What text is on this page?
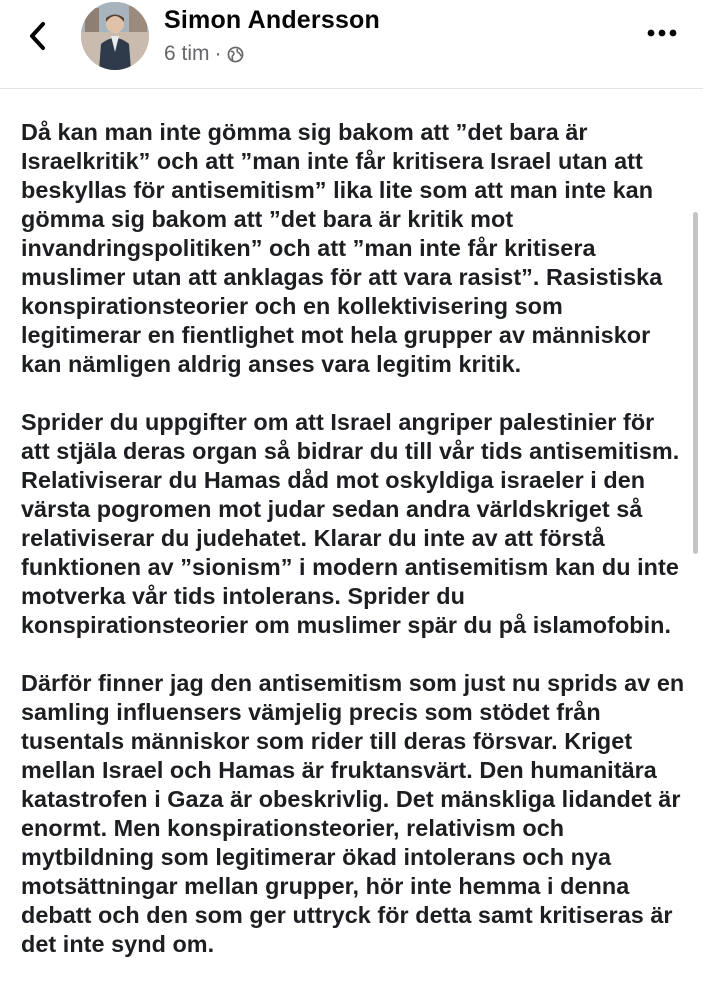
Simon Andersson
6 tim ·

Då kan man inte gömma sig bakom att ”det bara är Israelkritik” och att ”man inte får kritisera Israel utan att beskyllas för antisemitism” lika lite som att man inte kan gömma sig bakom att ”det bara är kritik mot invandringspolitiken” och att ”man inte får kritisera muslimer utan att anklagas för att vara rasist”. Rasistiska konspirationsteorier och en kollektivisering som legitimerar en fientlighet mot hela grupper av människor kan nämligen aldrig anses vara legitim kritik.

Sprider du uppgifter om att Israel angriper palestinier för att stjäla deras organ så bidrar du till vår tids antisemitism. Relativiserar du Hamas dåd mot oskyldiga israeler i den värsta pogromen mot judar sedan andra världskriget så relativiserar du judehatet. Klarar du inte av att förstå funktionen av ”sionism” i modern antisemitism kan du inte motverka vår tids intolerans. Sprider du konspirationsteorier om muslimer spär du på islamofobin.

Därför finner jag den antisemitism som just nu sprids av en samling influensers vämjelig precis som stödet från tusentals människor som rider till deras försvar. Kriget mellan Israel och Hamas är fruktansvärt. Den humanitära katastrofen i Gaza är obeskrivlig. Det mänskliga lidandet är enormt. Men konspirationsteorier, relativism och mytbildning som legitimerar ökad intolerans och nya motsättningar mellan grupper, hör inte hemma i denna debatt och den som ger uttryck för detta samt kritiseras är det inte synd om.
